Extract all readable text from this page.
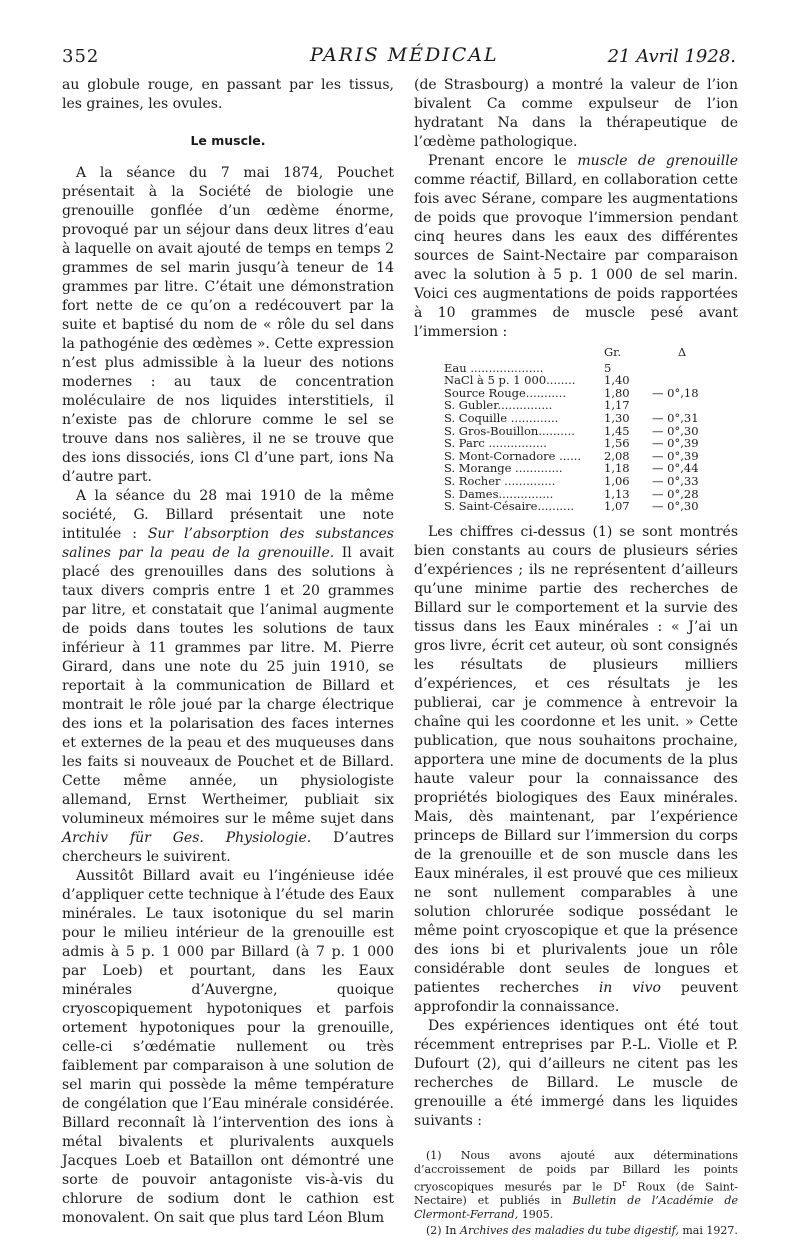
352	PARIS MÉDICAL	21 Avril 1928.

au globule rouge, en passant par les tissus, les graines, les ovules.

Le muscle.

A la séance du 7 mai 1874, Pouchet présentait à la Société de biologie une grenouille gonflée d’un œdème énorme, provoqué par un séjour dans deux litres d’eau à laquelle on avait ajouté de temps en temps 2 grammes de sel marin jusqu’à teneur de 14 grammes par litre. C’était une démonstration fort nette de ce qu’on a redécouvert par la suite et baptisé du nom de « rôle du sel dans la pathogénie des œdèmes ». Cette expression n’est plus admissible à la lueur des notions modernes : au taux de concentration moléculaire de nos liquides interstitiels, il n’existe pas de chlorure comme le sel se trouve dans nos salières, il ne se trouve que des ions dissociés, ions Cl d’une part, ions Na d’autre part.

A la séance du 28 mai 1910 de la même société, G. Billard présentait une note intitulée : Sur l’absorption des substances salines par la peau de la grenouille. Il avait placé des grenouilles dans des solutions à taux divers compris entre 1 et 20 grammes par litre, et constatait que l’animal augmente de poids dans toutes les solutions de taux inférieur à 11 grammes par litre. M. Pierre Girard, dans une note du 25 juin 1910, se reportait à la communication de Billard et montrait le rôle joué par la charge électrique des ions et la polarisation des faces internes et externes de la peau et des muqueuses dans les faits si nouveaux de Pouchet et de Billard. Cette même année, un physiologiste allemand, Ernst Wertheimer, publiait six volumineux mémoires sur le même sujet dans Archiv für Ges. Physiologie. D’autres chercheurs le suivirent.

Aussitôt Billard avait eu l’ingénieuse idée d’appliquer cette technique à l’étude des Eaux minérales. Le taux isotonique du sel marin pour le milieu intérieur de la grenouille est admis à 5 p. 1 000 par Billard (à 7 p. 1 000 par Loeb) et pourtant, dans les Eaux minérales d’Auvergne, quoique cryoscopiquement hypotoniques et parfois ortement hypotoniques pour la grenouille, celle-ci s’œdématie nullement ou très faiblement par comparaison à une solution de sel marin qui possède la même température de congélation que l’Eau minérale considérée. Billard reconnaît là l’intervention des ions à métal bivalents et plurivalents auxquels Jacques Loeb et Bataillon ont démontré une sorte de pouvoir antagoniste vis-à-vis du chlorure de sodium dont le cathion est monovalent. On sait que plus tard Léon Blum

(de Strasbourg) a montré la valeur de l’ion bivalent Ca comme expulseur de l’ion hydratant Na dans la thérapeutique de l’œdème pathologique.

Prenant encore le muscle de grenouille comme réactif, Billard, en collaboration cette fois avec Sérane, compare les augmentations de poids que provoque l’immersion pendant cinq heures dans les eaux des différentes sources de Saint-Nectaire par comparaison avec la solution à 5 p. 1 000 de sel marin. Voici ces augmentations de poids rapportées à 10 grammes de muscle pesé avant l’immersion :

	Gr.	Δ
Eau ....................	5	
NaCl à 5 p. 1 000........	1,40	
Source Rouge...........	1,80	— 0°,18
S. Gubler...............	1,17	
S. Coquille .............	1,30	— 0°,31
S. Gros-Bouillon..........	1,45	— 0°,30
S. Parc ................	1,56	— 0°,39
S. Mont-Cornadore ......	2,08	— 0°,39
S. Morange .............	1,18	— 0°,44
S. Rocher ..............	1,06	— 0°,33
S. Dames...............	1,13	— 0°,28
S. Saint-Césaire..........	1,07	— 0°,30

Les chiffres ci-dessus (1) se sont montrés bien constants au cours de plusieurs séries d’expériences ; ils ne représentent d’ailleurs qu’une minime partie des recherches de Billard sur le comportement et la survie des tissus dans les Eaux minérales : « J’ai un gros livre, écrit cet auteur, où sont consignés les résultats de plusieurs milliers d’expériences, et ces résultats je les publierai, car je commence à entrevoir la chaîne qui les coordonne et les unit. » Cette publication, que nous souhaitons prochaine, apportera une mine de documents de la plus haute valeur pour la connaissance des propriétés biologiques des Eaux minérales. Mais, dès maintenant, par l’expérience princeps de Billard sur l’immersion du corps de la grenouille et de son muscle dans les Eaux minérales, il est prouvé que ces milieux ne sont nullement comparables à une solution chlorurée sodique possédant le même point cryoscopique et que la présence des ions bi et plurivalents joue un rôle considérable dont seules de longues et patientes recherches in vivo peuvent approfondir la connaissance.

Des expériences identiques ont été tout récemment entreprises par P.-L. Violle et P. Dufourt (2), qui d’ailleurs ne citent pas les recherches de Billard. Le muscle de grenouille a été immergé dans les liquides suivants :

(1) Nous avons ajouté aux déterminations d’accroissement de poids par Billard les points cryoscopiques mesurés par le $D^r$ Roux (de Saint-Nectaire) et publiés in Bulletin de l’Académie de Clermont-Ferrand, 1905.

(2) In Archives des maladies du tube digestif, mai 1927.
